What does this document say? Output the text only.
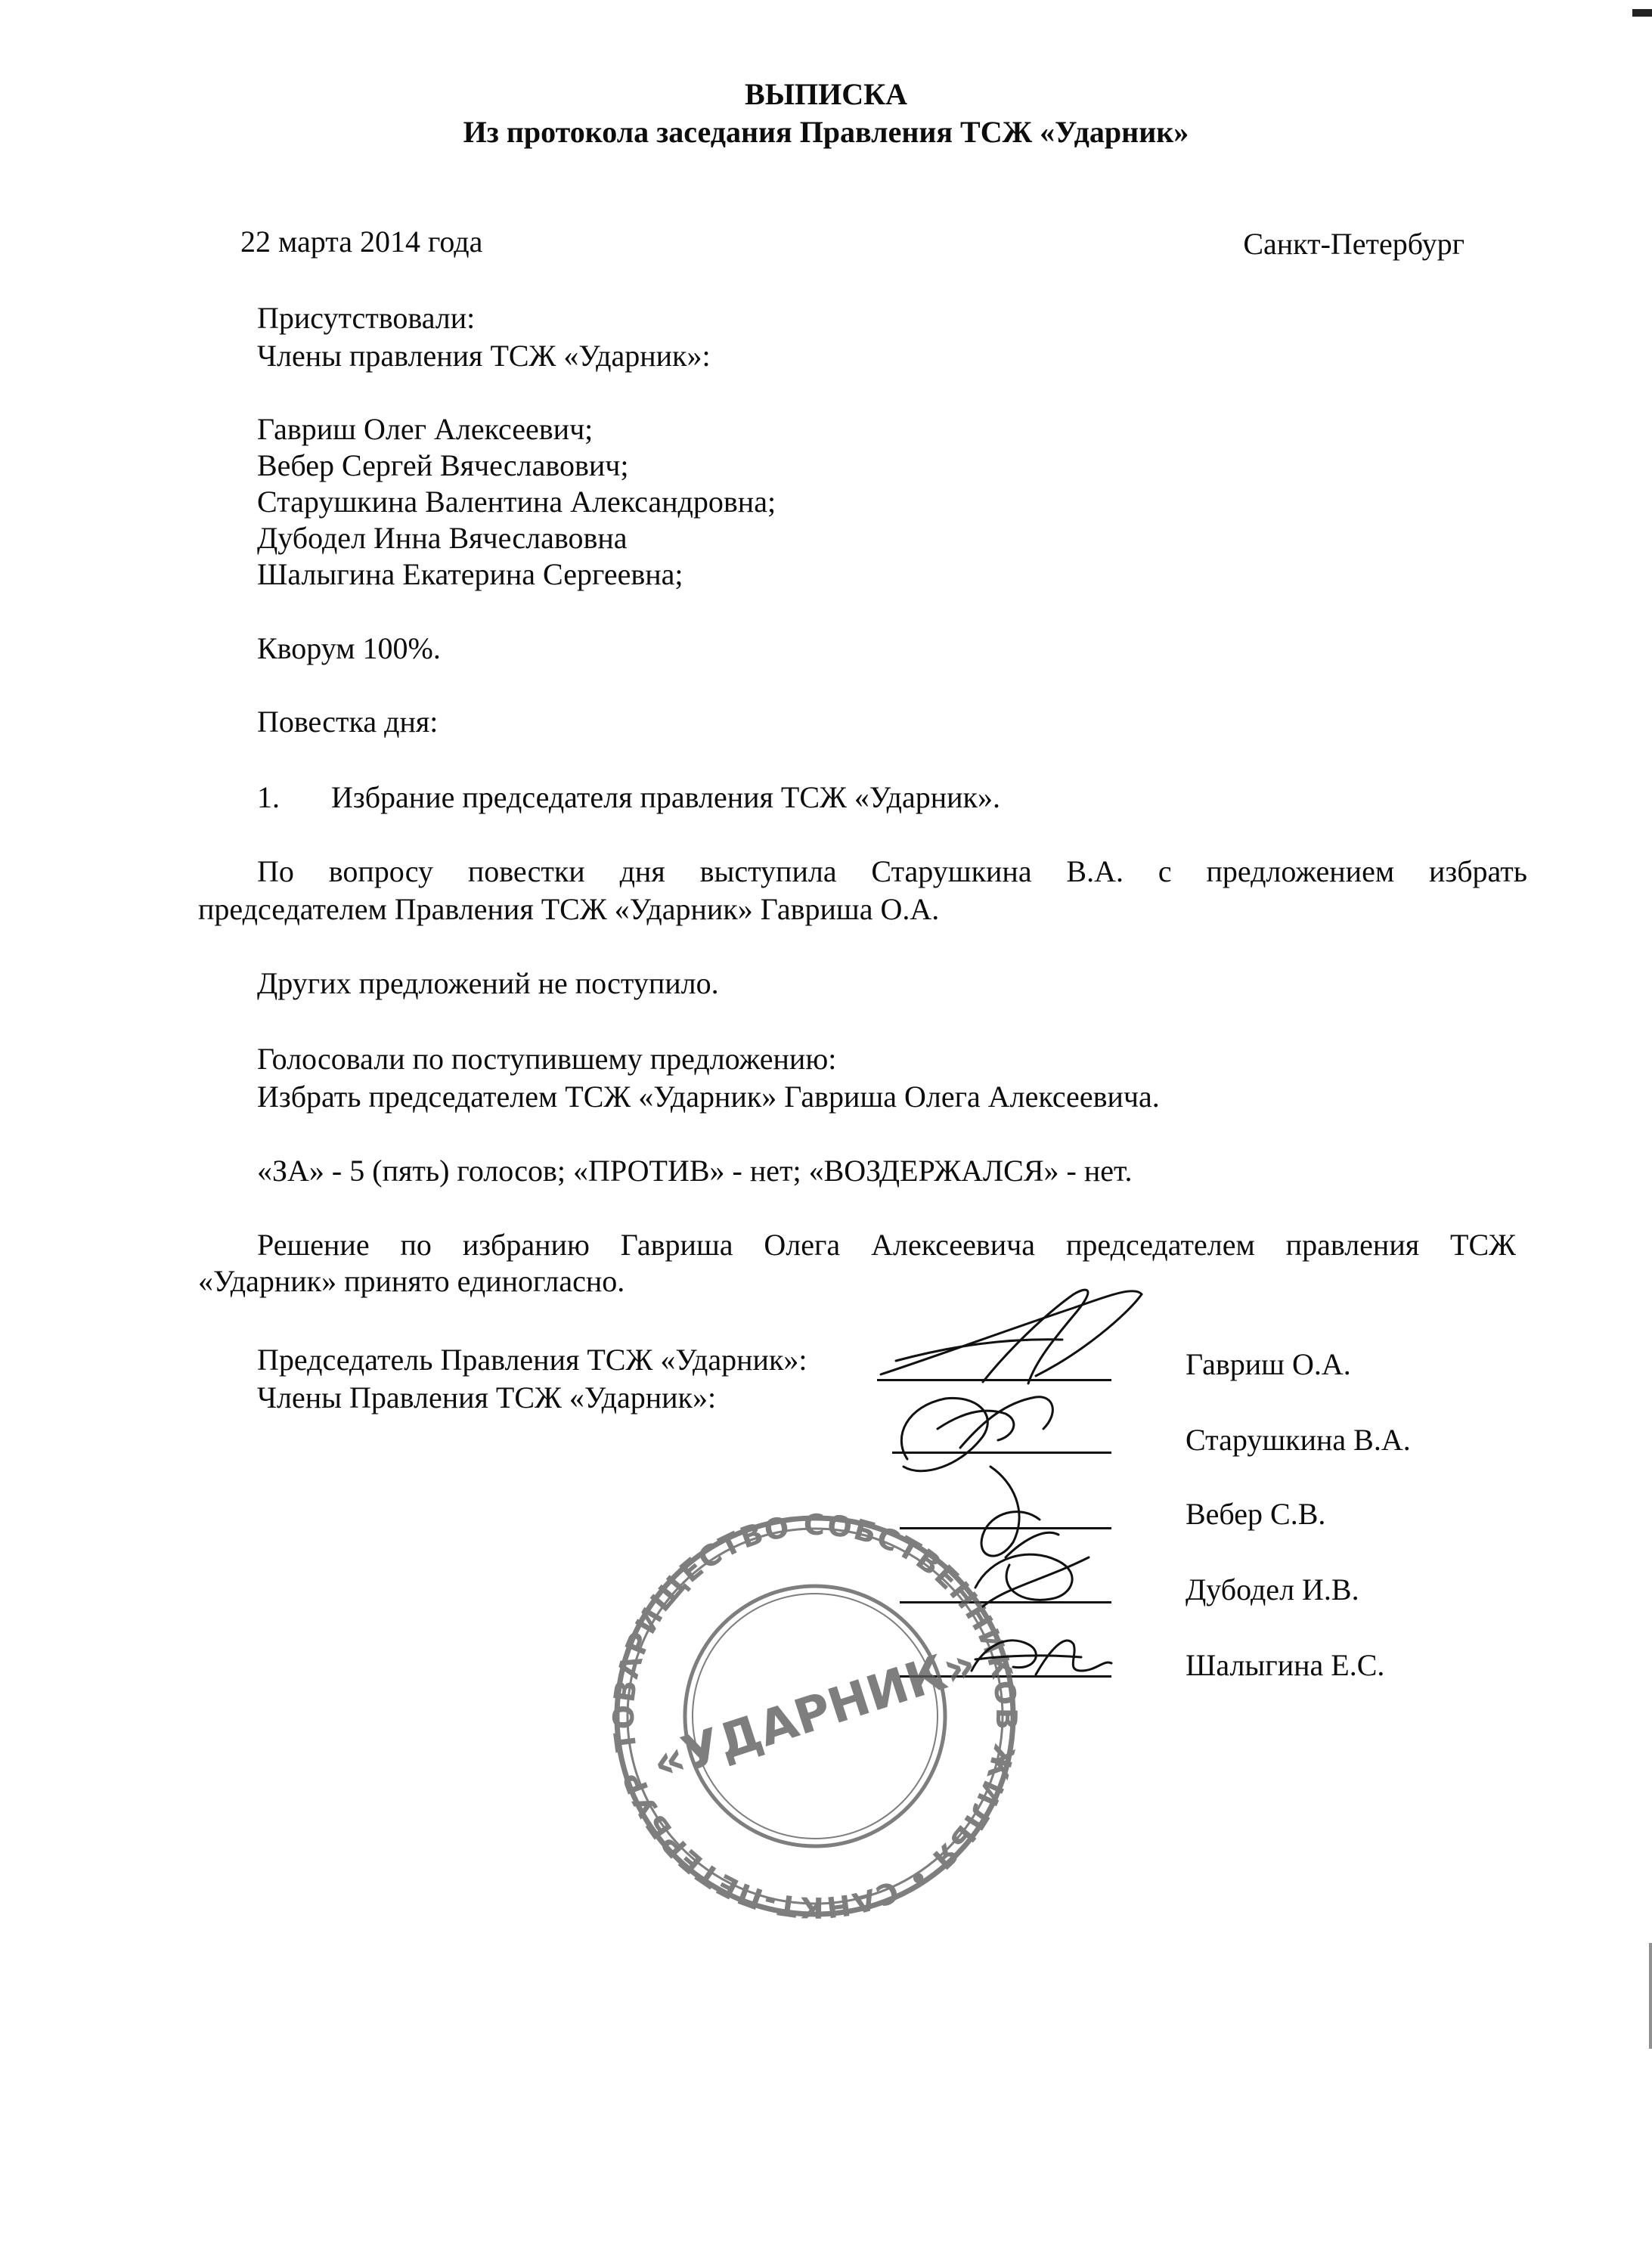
ВЫПИСКА
Из протокола заседания Правления ТСЖ «Ударник»
22 марта 2014 года	Санкт-Петербург
Присутствовали:
Члены правления ТСЖ «Ударник»:
Гавриш Олег Алексеевич;
Вебер Сергей Вячеславович;
Старушкина Валентина Александровна;
Дубодел Инна Вячеславовна
Шалыгина Екатерина Сергеевна;
Кворум 100%.
Повестка дня:
1. Избрание председателя правления ТСЖ «Ударник».
По вопросу повестки дня выступила Старушкина В.А. с предложением избрать
председателем Правления ТСЖ «Ударник» Гавриша О.А.
Других предложений не поступило.
Голосовали по поступившему предложению:
Избрать председателем ТСЖ «Ударник» Гавриша Олега Алексеевича.
«ЗА» - 5 (пять) голосов; «ПРОТИВ» - нет; «ВОЗДЕРЖАЛСЯ» - нет.
Решение по избранию Гавриша Олега Алексеевича председателем правления ТСЖ
«Ударник» принято единогласно.
Председатель Правления ТСЖ «Ударник»:
Члены Правления ТСЖ «Ударник»:
Гавриш О.А.
Старушкина В.А.
Вебер С.В.
Дубодел И.В.
Шалыгина Е.С.
ТОВАРИЩЕСТВО СОБСТВЕННИКОВ ЖИЛЬЯ • САНКТ-ПЕТЕРБУРГ
«УДАРНИК»
